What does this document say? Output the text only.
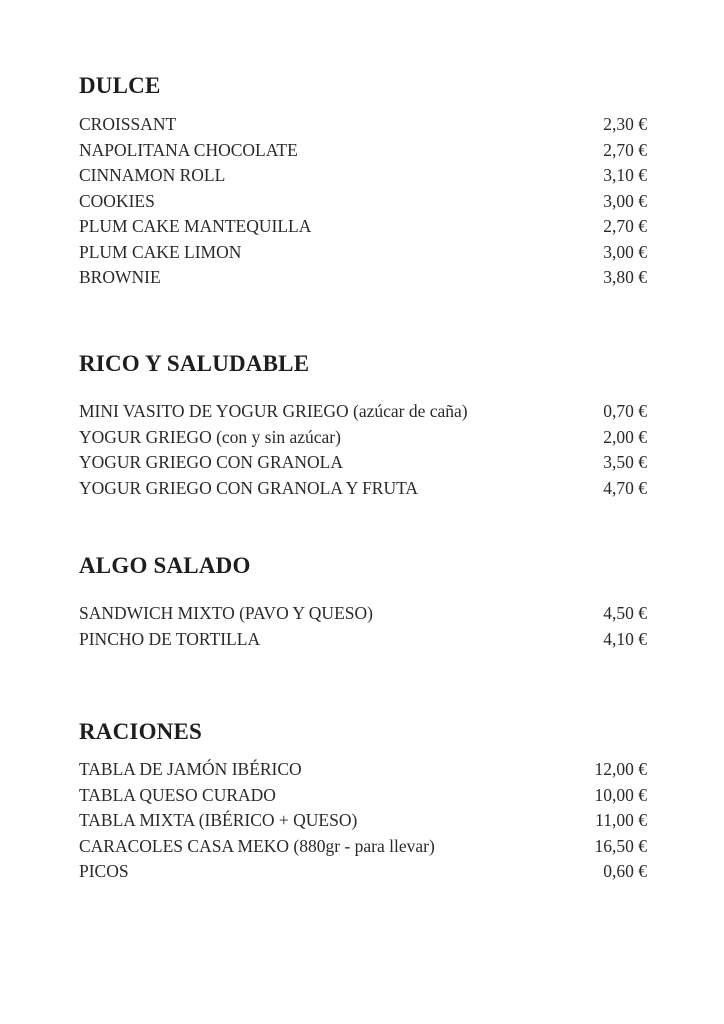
DULCE
CROISSANT	2,30 €
NAPOLITANA CHOCOLATE	2,70 €
CINNAMON ROLL	3,10 €
COOKIES	3,00 €
PLUM CAKE MANTEQUILLA	2,70 €
PLUM CAKE LIMON	3,00 €
BROWNIE	3,80 €
RICO Y SALUDABLE
MINI VASITO DE YOGUR GRIEGO (azúcar de caña)	0,70 €
YOGUR GRIEGO (con y sin azúcar)	2,00 €
YOGUR GRIEGO CON GRANOLA	3,50 €
YOGUR GRIEGO CON GRANOLA Y FRUTA	4,70 €
ALGO SALADO
SANDWICH MIXTO (PAVO Y QUESO)	4,50 €
PINCHO DE TORTILLA	4,10 €
RACIONES
TABLA DE JAMÓN IBÉRICO	12,00 €
TABLA QUESO CURADO	10,00 €
TABLA MIXTA (IBÉRICO + QUESO)	11,00 €
CARACOLES CASA MEKO (880gr - para llevar)	16,50 €
PICOS	0,60 €
